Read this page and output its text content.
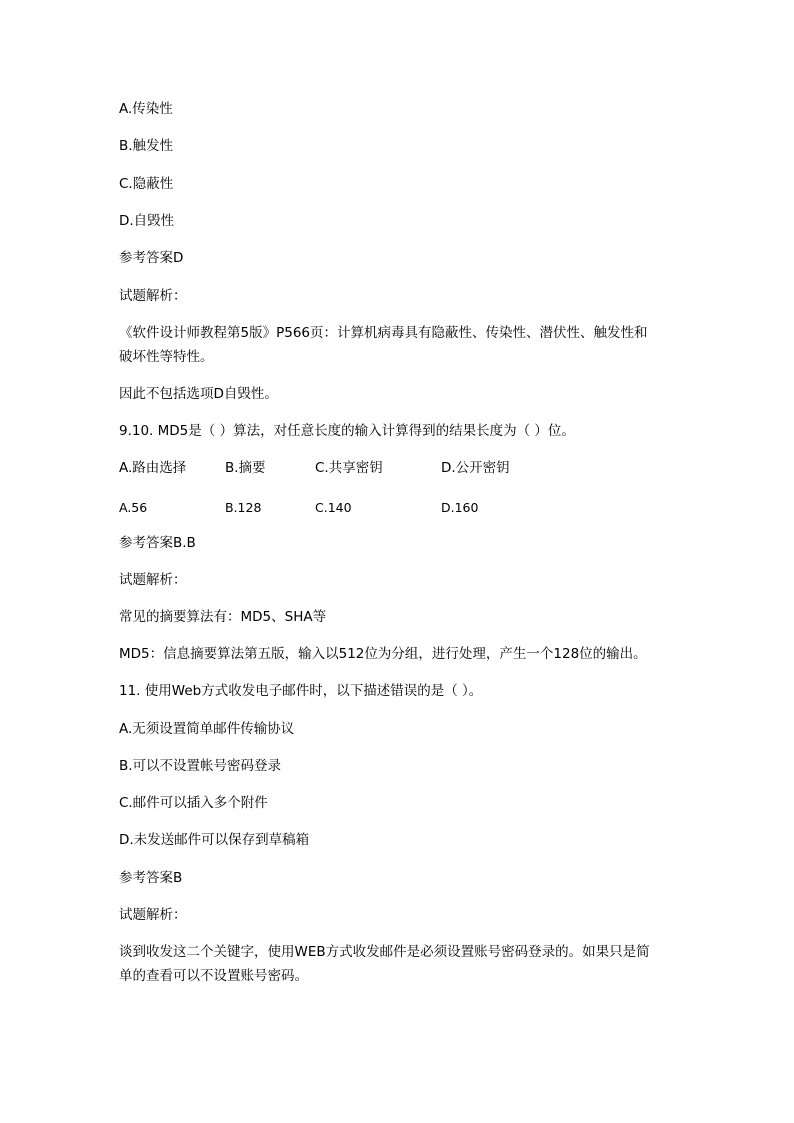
A.传染性
B.触发性
C.隐蔽性
D.自毁性
参考答案D
试题解析：
《软件设计师教程第5版》P566页：计算机病毒具有隐蔽性、传染性、潜伏性、触发性和
破坏性等特性。
因此不包括选项D自毁性。
9.10. MD5是（ ）算法，对任意长度的输入计算得到的结果长度为（ ）位。
A.路由选择	B.摘要	C.共享密钥	D.公开密钥
A.56	B.128	C.140	D.160
参考答案B.B
试题解析：
常见的摘要算法有：MD5、SHA等
MD5：信息摘要算法第五版，输入以512位为分组，进行处理，产生一个128位的输出。
11. 使用Web方式收发电子邮件时，以下描述错误的是（ ）。
A.无须设置简单邮件传输协议
B.可以不设置帐号密码登录
C.邮件可以插入多个附件
D.未发送邮件可以保存到草稿箱
参考答案B
试题解析：
谈到收发这二个关键字，使用WEB方式收发邮件是必须设置账号密码登录的。如果只是简
单的查看可以不设置账号密码。
